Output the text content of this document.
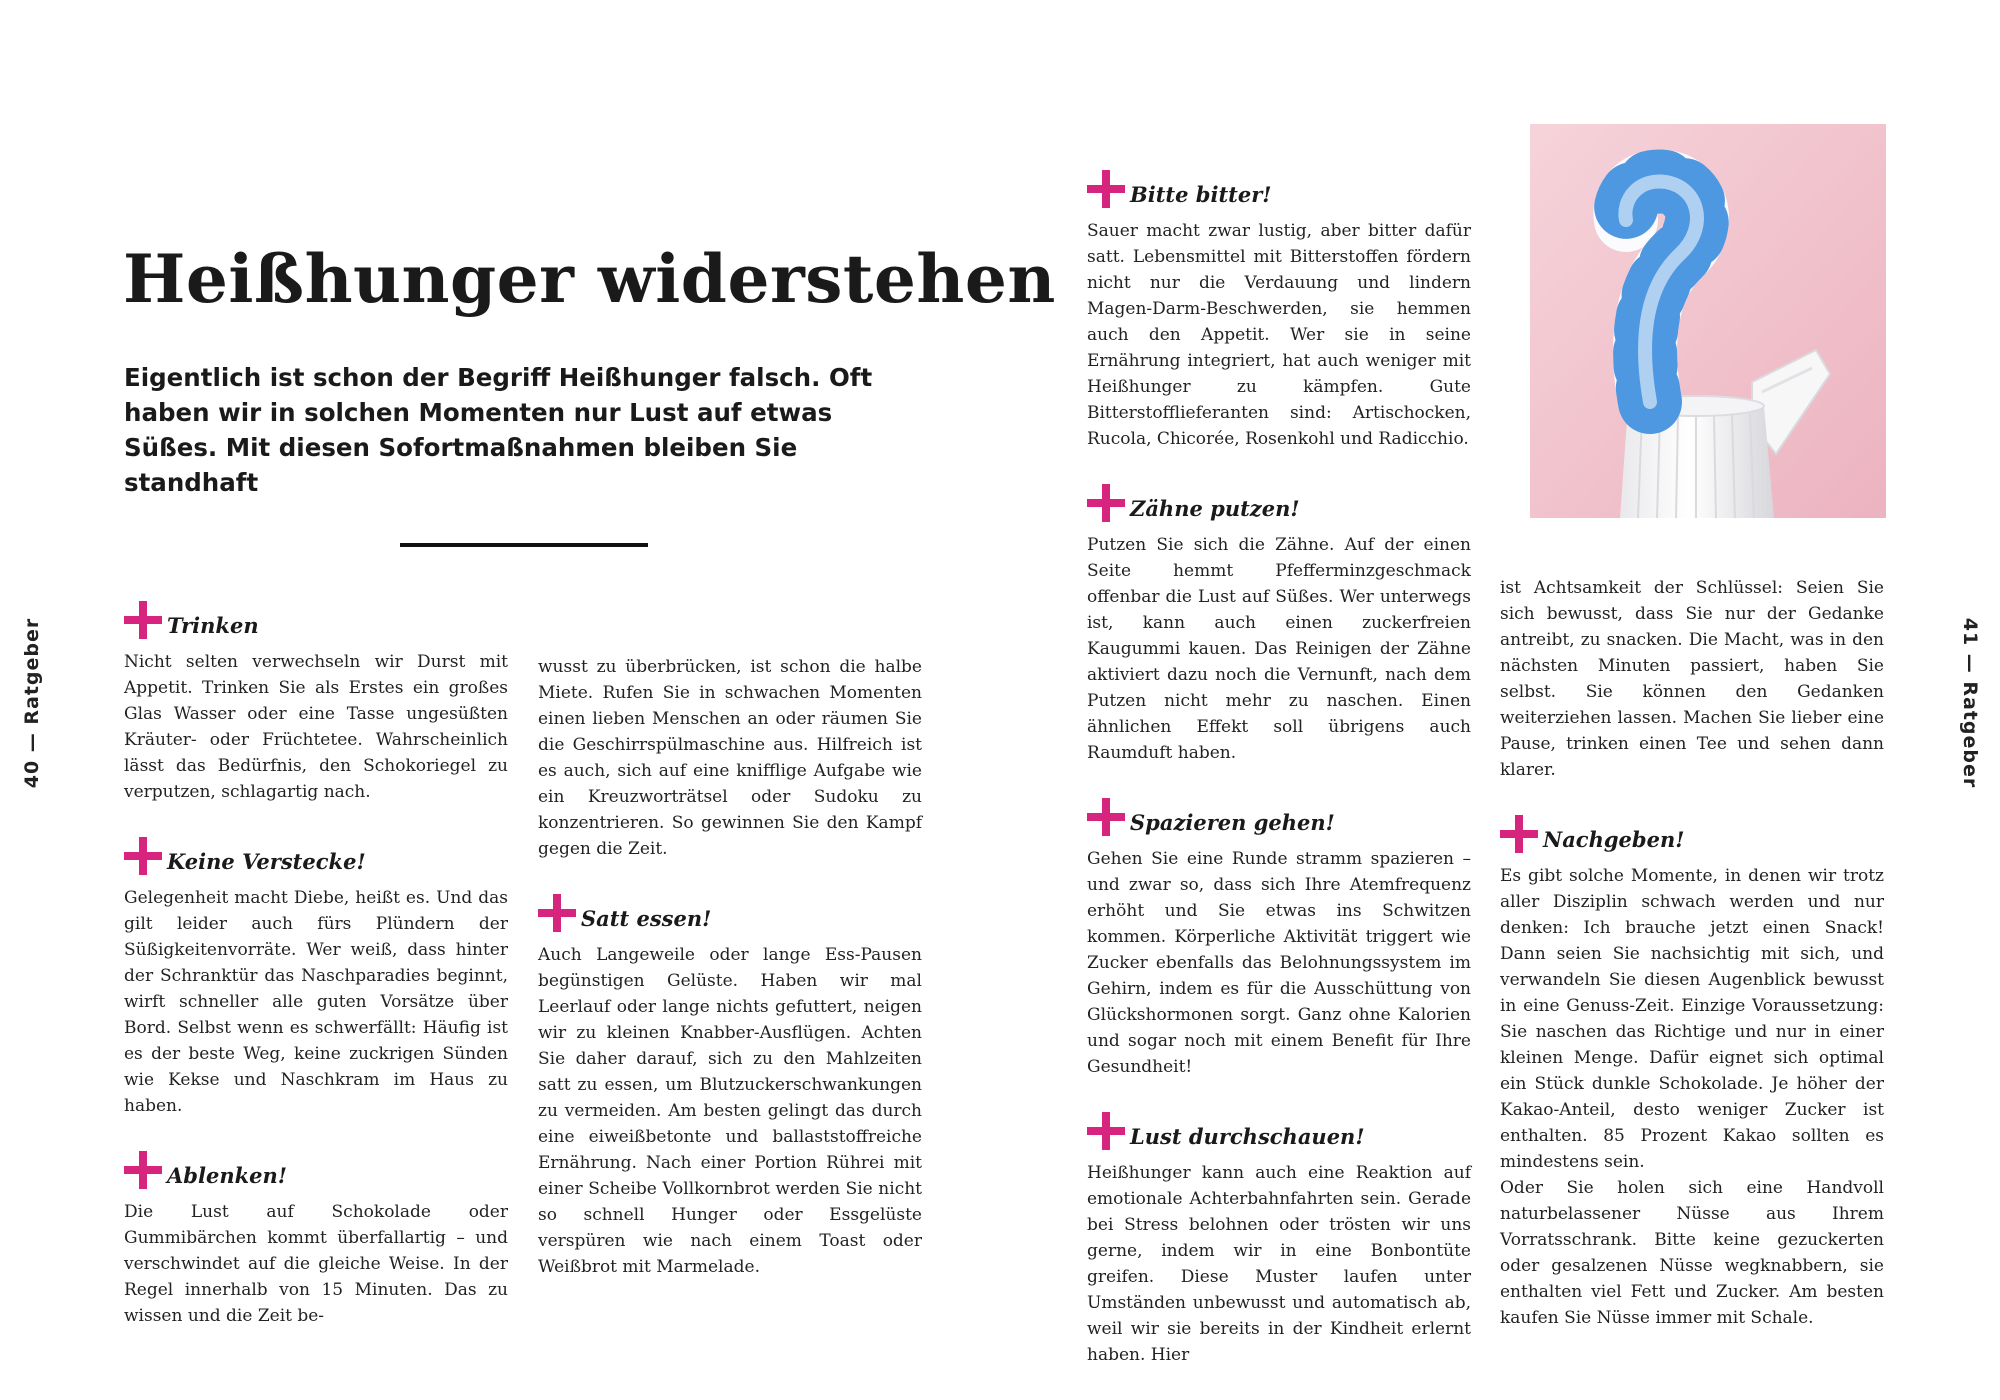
40 — Ratgeber	41 — Ratgeber
Heißhunger widerstehen

Eigentlich ist schon der Begriff Heißhunger falsch. Oft haben wir in solchen Momenten nur Lust auf etwas Süßes. Mit diesen Sofortmaßnahmen bleiben Sie standhaft

Trinken

Nicht selten verwechseln wir Durst mit Appetit. Trinken Sie als Erstes ein großes Glas Wasser oder eine Tasse ungesüßten Kräuter- oder Früchtetee. Wahrscheinlich lässt das Bedürfnis, den Schokoriegel zu verputzen, schlagartig nach.

Keine Verstecke!

Gelegenheit macht Diebe, heißt es. Und das gilt leider auch fürs Plündern der Süßigkeitenvorräte. Wer weiß, dass hinter der Schranktür das Naschparadies beginnt, wirft schneller alle guten Vorsätze über Bord. Selbst wenn es schwerfällt: Häufig ist es der beste Weg, keine zuckrigen Sünden wie Kekse und Naschkram im Haus zu haben.

Ablenken!

Die Lust auf Schokolade oder Gummibärchen kommt überfallartig – und verschwindet auf die gleiche Weise. In der Regel innerhalb von 15 Minuten. Das zu wissen und die Zeit be-

wusst zu überbrücken, ist schon die halbe Miete. Rufen Sie in schwachen Momenten einen lieben Menschen an oder räumen Sie die Geschirrspülmaschine aus. Hilfreich ist es auch, sich auf eine knifflige Aufgabe wie ein Kreuzworträtsel oder Sudoku zu konzentrieren. So gewinnen Sie den Kampf gegen die Zeit.

Satt essen!

Auch Langeweile oder lange Ess-Pausen begünstigen Gelüste. Haben wir mal Leerlauf oder lange nichts gefuttert, neigen wir zu kleinen Knabber-Ausflügen. Achten Sie daher darauf, sich zu den Mahlzeiten satt zu essen, um Blutzuckerschwankungen zu vermeiden. Am besten gelingt das durch eine eiweißbetonte und ballaststoffreiche Ernährung. Nach einer Portion Rührei mit einer Scheibe Vollkornbrot werden Sie nicht so schnell Hunger oder Essgelüste verspüren wie nach einem Toast oder Weißbrot mit Marmelade.

Bitte bitter!

Sauer macht zwar lustig, aber bitter dafür satt. Lebensmittel mit Bitterstoffen fördern nicht nur die Verdauung und lindern Magen-Darm-Beschwerden, sie hemmen auch den Appetit. Wer sie in seine Ernährung integriert, hat auch weniger mit Heißhunger zu kämpfen. Gute Bitterstofflieferanten sind: Artischocken, Rucola, Chicorée, Rosenkohl und Radicchio.

Zähne putzen!

Putzen Sie sich die Zähne. Auf der einen Seite hemmt Pfefferminzgeschmack offenbar die Lust auf Süßes. Wer unterwegs ist, kann auch einen zuckerfreien Kaugummi kauen. Das Reinigen der Zähne aktiviert dazu noch die Vernunft, nach dem Putzen nicht mehr zu naschen. Einen ähnlichen Effekt soll übrigens auch Raumduft haben.

Spazieren gehen!

Gehen Sie eine Runde stramm spazieren – und zwar so, dass sich Ihre Atemfrequenz erhöht und Sie etwas ins Schwitzen kommen. Körperliche Aktivität triggert wie Zucker ebenfalls das Belohnungssystem im Gehirn, indem es für die Ausschüttung von Glückshormonen sorgt. Ganz ohne Kalorien und sogar noch mit einem Benefit für Ihre Gesundheit!

Lust durchschauen!

Heißhunger kann auch eine Reaktion auf emotionale Achterbahnfahrten sein. Gerade bei Stress belohnen oder trösten wir uns gerne, indem wir in eine Bonbontüte greifen. Diese Muster laufen unter Umständen unbewusst und automatisch ab, weil wir sie bereits in der Kindheit erlernt haben. Hier

ist Achtsamkeit der Schlüssel: Seien Sie sich bewusst, dass Sie nur der Gedanke antreibt, zu snacken. Die Macht, was in den nächsten Minuten passiert, haben Sie selbst. Sie können den Gedanken weiterziehen lassen. Machen Sie lieber eine Pause, trinken einen Tee und sehen dann klarer.

Nachgeben!

Es gibt solche Momente, in denen wir trotz aller Disziplin schwach werden und nur denken: Ich brauche jetzt einen Snack! Dann seien Sie nachsichtig mit sich, und verwandeln Sie diesen Augenblick bewusst in eine Genuss-Zeit. Einzige Voraussetzung: Sie naschen das Richtige und nur in einer kleinen Menge. Dafür eignet sich optimal ein Stück dunkle Schokolade. Je höher der Kakao-Anteil, desto weniger Zucker ist enthalten. 85 Prozent Kakao sollten es mindestens sein.

Oder Sie holen sich eine Handvoll naturbelassener Nüsse aus Ihrem Vorratsschrank. Bitte keine gezuckerten oder gesalzenen Nüsse wegknabbern, sie enthalten viel Fett und Zucker. Am besten kaufen Sie Nüsse immer mit Schale.
